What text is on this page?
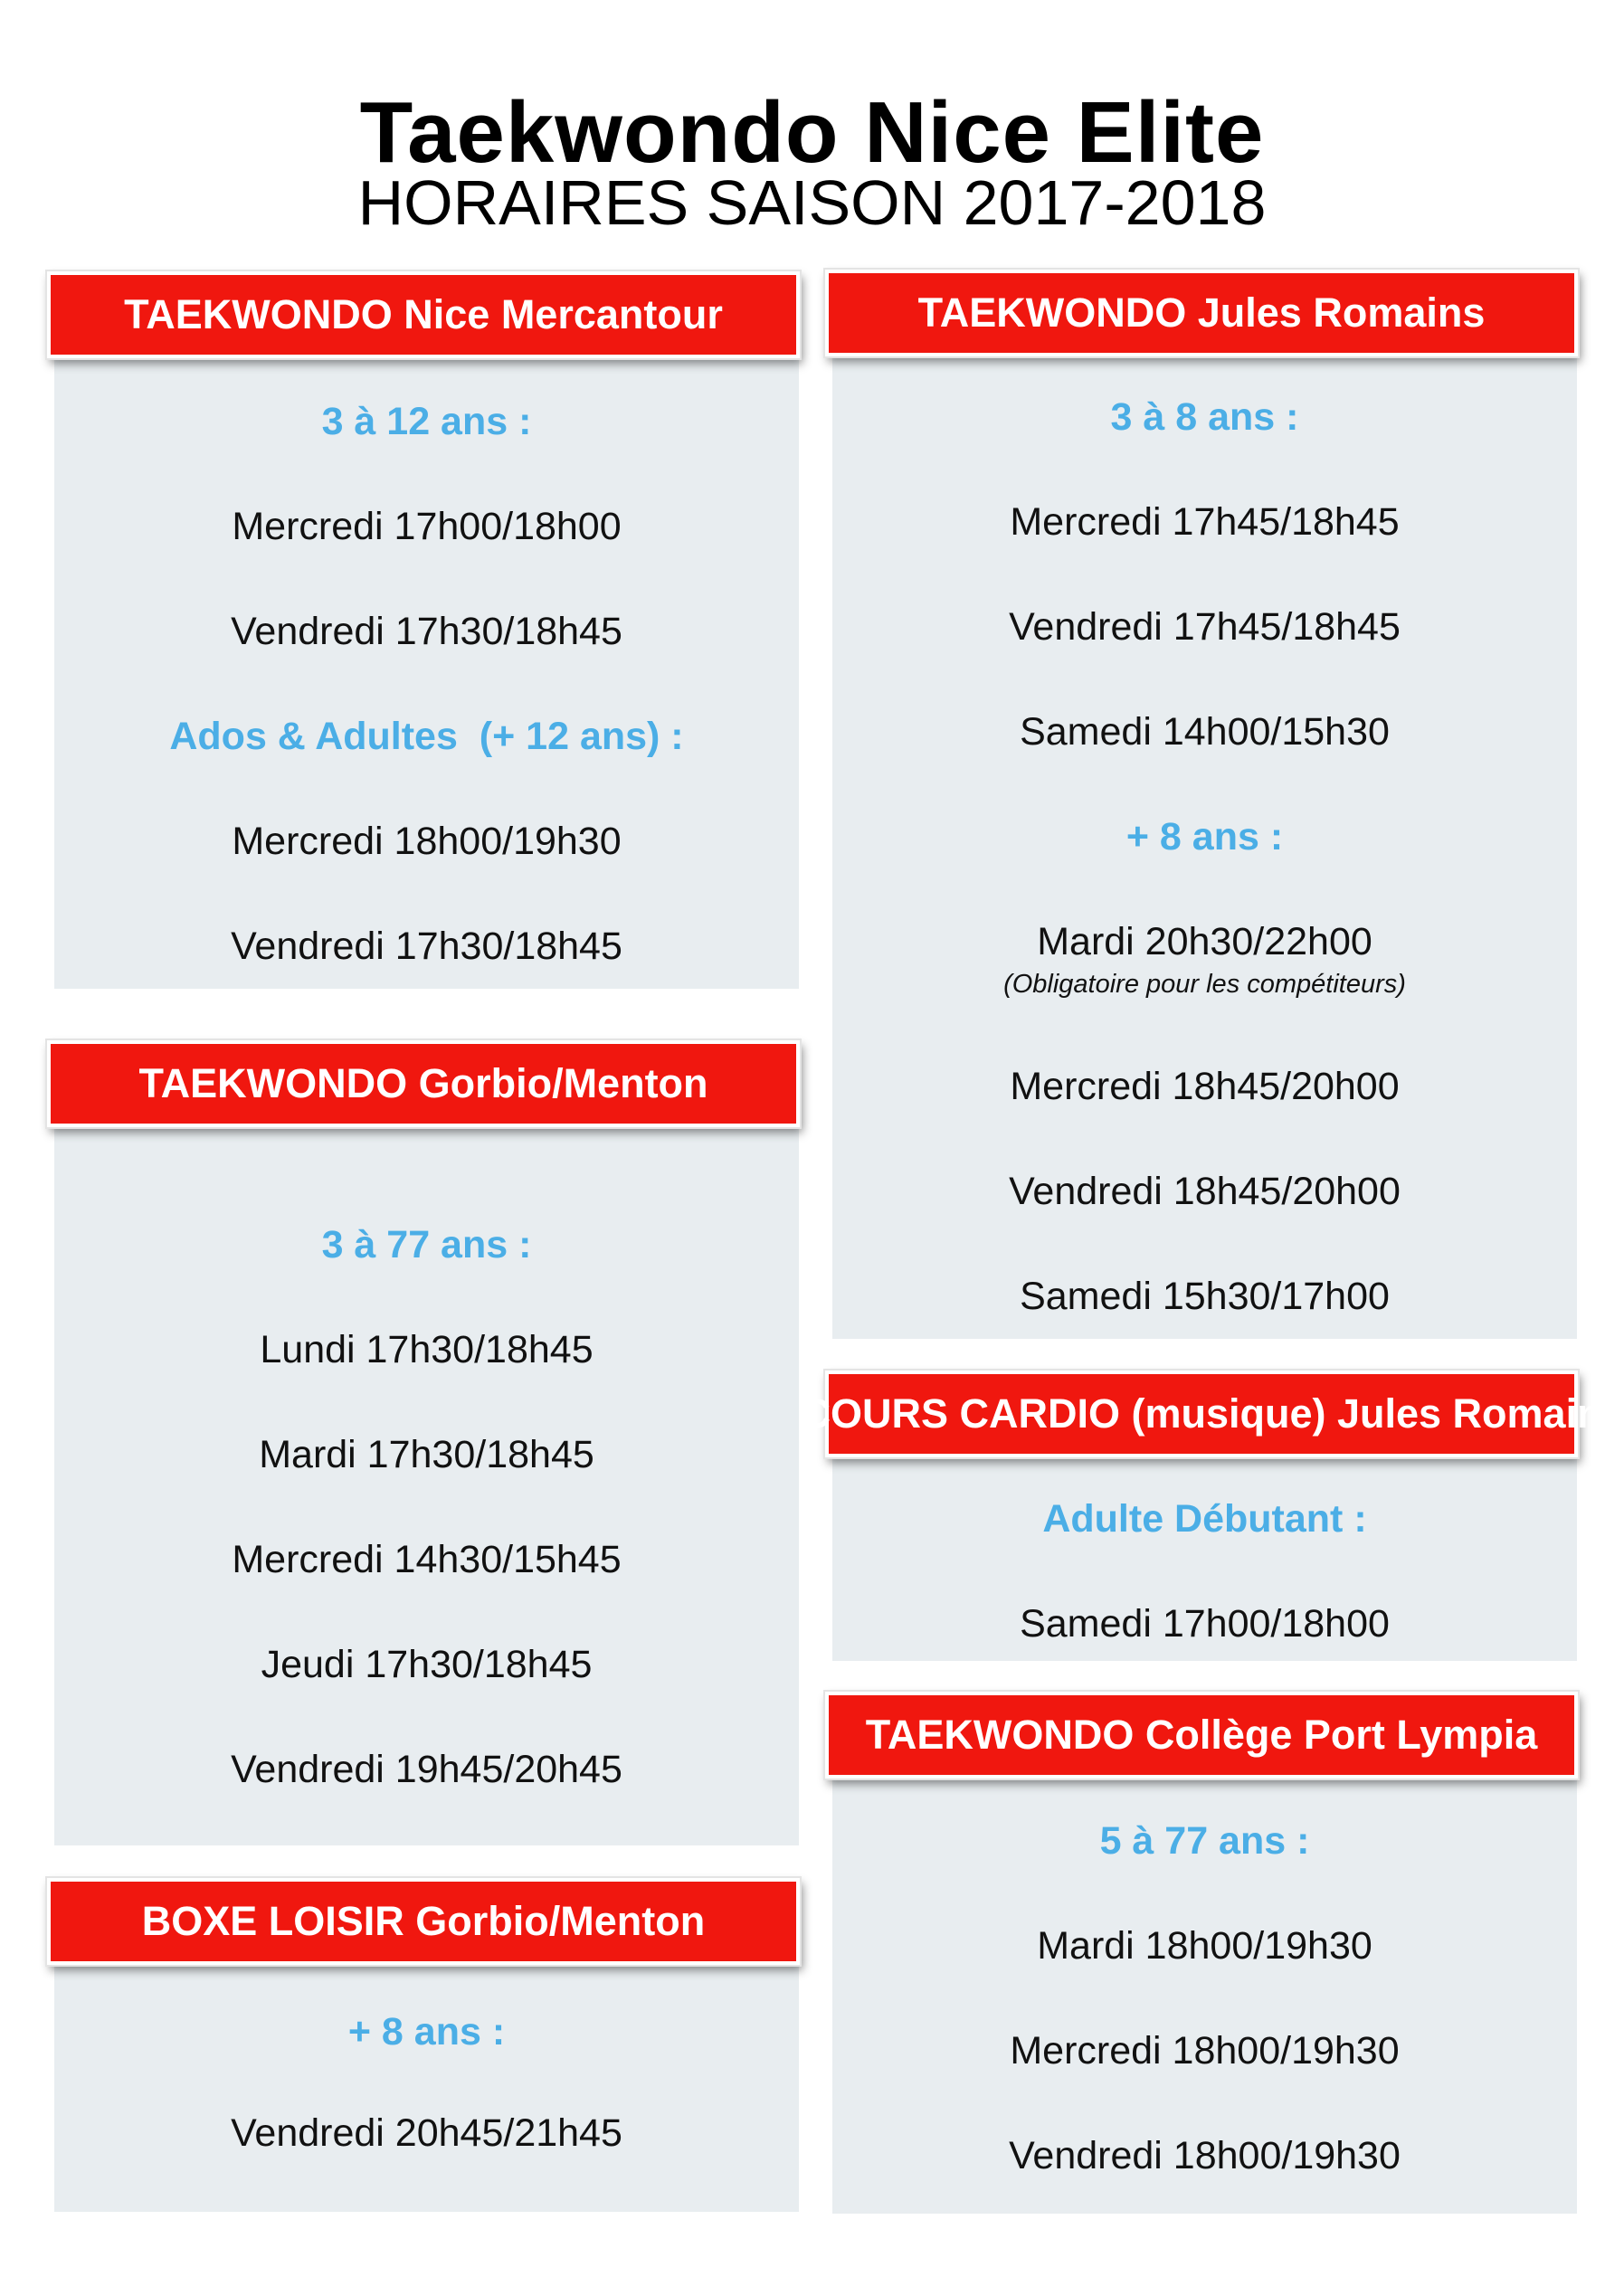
Taekwondo Nice Elite
HORAIRES SAISON 2017-2018
TAEKWONDO Nice Mercantour
3 à 12 ans :
Mercredi 17h00/18h00
Vendredi 17h30/18h45
Ados & Adultes  (+ 12 ans) :
Mercredi 18h00/19h30
Vendredi 17h30/18h45
TAEKWONDO Gorbio/Menton
3 à 77 ans :
Lundi 17h30/18h45
Mardi 17h30/18h45
Mercredi 14h30/15h45
Jeudi 17h30/18h45
Vendredi 19h45/20h45
BOXE LOISIR Gorbio/Menton
+ 8 ans :
Vendredi 20h45/21h45
TAEKWONDO Jules Romains
3 à 8 ans :
Mercredi 17h45/18h45
Vendredi 17h45/18h45
Samedi 14h00/15h30
+ 8 ans :
Mardi 20h30/22h00
(Obligatoire pour les compétiteurs)
Mercredi 18h45/20h00
Vendredi 18h45/20h00
Samedi 15h30/17h00
COURS CARDIO (musique) Jules Romain
Adulte Débutant :
Samedi 17h00/18h00
TAEKWONDO Collège Port Lympia
5 à 77 ans :
Mardi 18h00/19h30
Mercredi 18h00/19h30
Vendredi 18h00/19h30
